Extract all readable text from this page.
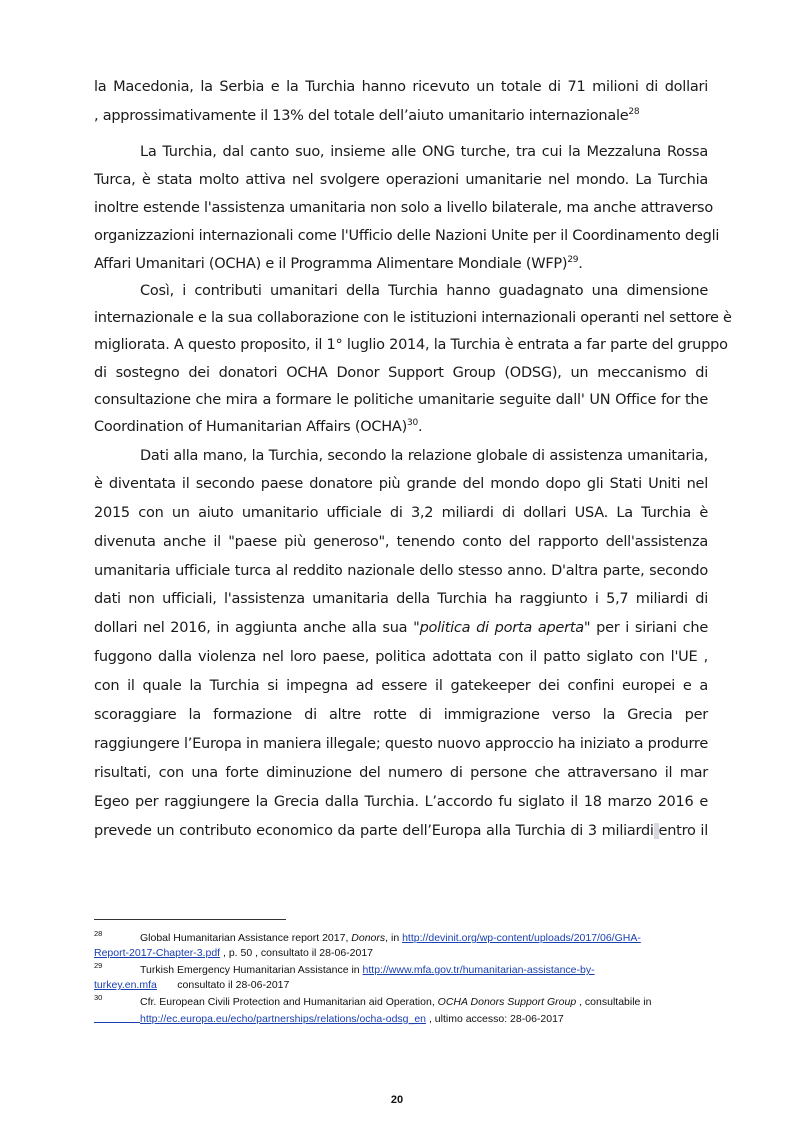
la Macedonia, la Serbia e la Turchia hanno ricevuto un totale di 71 milioni di dollari
, approssimativamente il 13% del totale dell’aiuto umanitario internazionale$^{28}$
La Turchia, dal canto suo, insieme alle ONG turche, tra cui la Mezzaluna Rossa
Turca, è stata molto attiva nel svolgere operazioni umanitarie nel mondo. La Turchia
inoltre estende l'assistenza umanitaria non solo a livello bilaterale, ma anche attraverso
organizzazioni internazionali come l'Ufficio delle Nazioni Unite per il Coordinamento degli
Affari Umanitari (OCHA) e il Programma Alimentare Mondiale (WFP)$^{29}$.
Così, i contributi umanitari della Turchia hanno guadagnato una dimensione
internazionale e la sua collaborazione con le istituzioni internazionali operanti nel settore è
migliorata. A questo proposito, il 1° luglio 2014, la Turchia è entrata a far parte del gruppo
di sostegno dei donatori OCHA Donor Support Group (ODSG), un meccanismo di
consultazione che mira a formare le politiche umanitarie seguite dall' UN Office for the
Coordination of Humanitarian Affairs (OCHA)$^{30}$.
Dati alla mano, la Turchia, secondo la relazione globale di assistenza umanitaria,
è diventata il secondo paese donatore più grande del mondo dopo gli Stati Uniti nel
2015 con un aiuto umanitario ufficiale di 3,2 miliardi di dollari USA. La Turchia è
divenuta anche il "paese più generoso", tenendo conto del rapporto dell'assistenza
umanitaria ufficiale turca al reddito nazionale dello stesso anno. D'altra parte, secondo
dati non ufficiali, l'assistenza umanitaria della Turchia ha raggiunto i 5,7 miliardi di
dollari nel 2016, in aggiunta anche alla sua "politica di porta aperta" per i siriani che
fuggono dalla violenza nel loro paese, politica adottata con il patto siglato con l'UE ,
con il quale la Turchia si impegna ad essere il gatekeeper dei confini europei e a
scoraggiare la formazione di altre rotte di immigrazione verso la Grecia per
raggiungere l’Europa in maniera illegale; questo nuovo approccio ha iniziato a produrre
risultati, con una forte diminuzione del numero di persone che attraversano il mar
Egeo per raggiungere la Grecia dalla Turchia. L’accordo fu siglato il 18 marzo 2016 e
prevede un contributo economico da parte dell’Europa alla Turchia di 3 miliardi entro il
28	Global Humanitarian Assistance report 2017, Donors, in http://devinit.org/wp-content/uploads/2017/06/GHA-
Report-2017-Chapter-3.pdf , p. 50 , consultato il 28-06-2017
29	Turkish Emergency Humanitarian Assistance in http://www.mfa.gov.tr/humanitarian-assistance-by-
turkey.en.mfa       consultato il 28-06-2017
30	Cfr. European Civili Protection and Humanitarian aid Operation, OCHA Donors Support Group , consultabile in
http://ec.europa.eu/echo/partnerships/relations/ocha-odsg_en , ultimo accesso: 28-06-2017
20
